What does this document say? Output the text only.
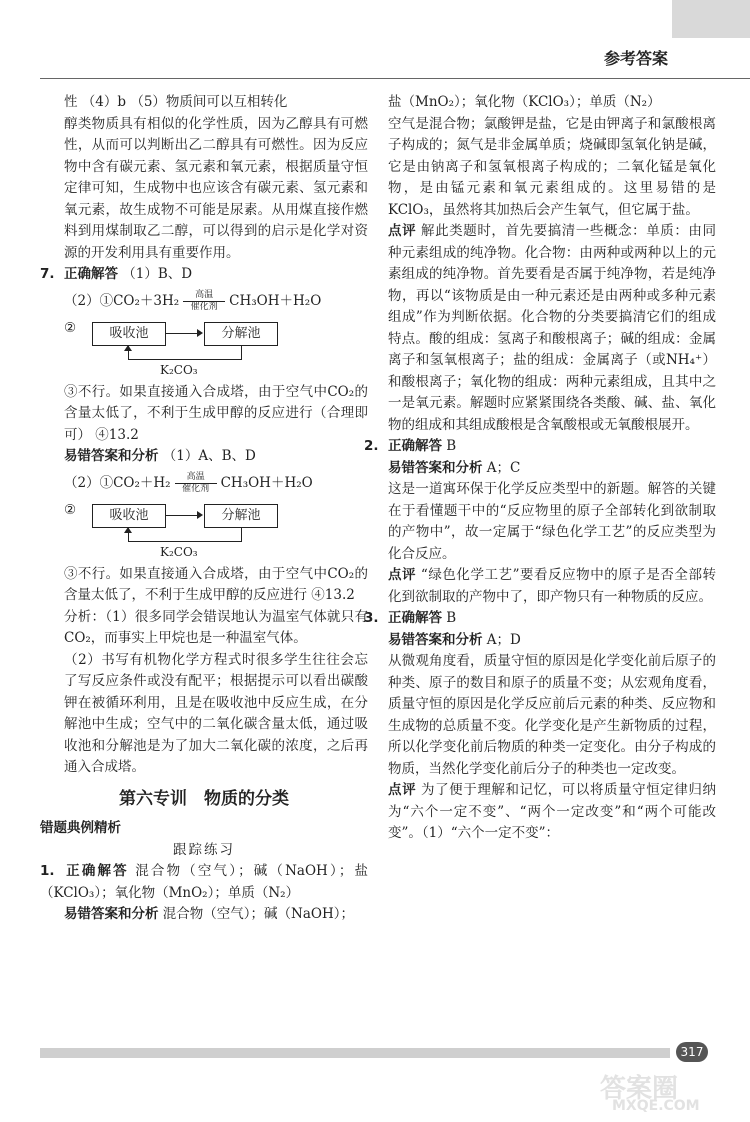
参考答案

性 （4）b （5）物质间可以互相转化

醇类物质具有相似的化学性质，因为乙醇具有可燃性，从而可以判断出乙二醇具有可燃性。因为反应物中含有碳元素、氢元素和氧元素，根据质量守恒定律可知，生成物中也应该含有碳元素、氢元素和氧元素，故生成物不可能是尿素。从用煤直接作燃料到用煤制取乙二醇，可以得到的启示是化学对资源的开发利用具有重要作用。

7. 正确解答 （1）B、D

（2）①CO₂＋3H₂ 高温
催化剂 CH₃OH＋H₂O
②	吸收池	分解池
K₂CO₃

③不行。如果直接通入合成塔，由于空气中CO₂的含量太低了，不利于生成甲醇的反应进行（合理即可） ④13.2

易错答案和分析 （1）A、B、D

（2）①CO₂＋H₂ 高温
催化剂 CH₃OH＋H₂O
②	吸收池	分解池
K₂CO₃

③不行。如果直接通入合成塔，由于空气中CO₂的含量太低了，不利于生成甲醇的反应进行 ④13.2

分析：（1）很多同学会错误地认为温室气体就只有CO₂，而事实上甲烷也是一种温室气体。

（2）书写有机物化学方程式时很多学生往往会忘了写反应条件或没有配平；根据提示可以看出碳酸钾在被循环利用，且是在吸收池中反应生成，在分解池中生成；空气中的二氧化碳含量太低，通过吸收池和分解池是为了加大二氧化碳的浓度，之后再通入合成塔。

第六专训　物质的分类

错题典例精析

跟踪练习

1. 正确解答 混合物（空气）；碱（NaOH）；盐（KClO₃）；氧化物（MnO₂）；单质（N₂）

易错答案和分析 混合物（空气）；碱（NaOH）；

盐（MnO₂）；氧化物（KClO₃）；单质（N₂）

空气是混合物；氯酸钾是盐，它是由钾离子和氯酸根离子构成的；氮气是非金属单质；烧碱即氢氧化钠是碱，它是由钠离子和氢氧根离子构成的；二氧化锰是氧化物，是由锰元素和氧元素组成的。这里易错的是KClO₃，虽然将其加热后会产生氧气，但它属于盐。

点评 解此类题时，首先要搞清一些概念：单质：由同种元素组成的纯净物。化合物：由两种或两种以上的元素组成的纯净物。首先要看是否属于纯净物，若是纯净物，再以“该物质是由一种元素还是由两种或多种元素组成”作为判断依据。化合物的分类要搞清它们的组成特点。酸的组成：氢离子和酸根离子；碱的组成：金属离子和氢氧根离子；盐的组成：金属离子（或NH₄⁺）和酸根离子；氧化物的组成：两种元素组成，且其中之一是氧元素。解题时应紧紧围绕各类酸、碱、盐、氧化物的组成和其组成酸根是含氧酸根或无氧酸根展开。

2. 正确解答 B

易错答案和分析 A；C

这是一道寓环保于化学反应类型中的新题。解答的关键在于看懂题干中的“反应物里的原子全部转化到欲制取的产物中”，故一定属于“绿色化学工艺”的反应类型为化合反应。

点评 “绿色化学工艺”要看反应物中的原子是否全部转化到欲制取的产物中了，即产物只有一种物质的反应。

3. 正确解答 B

易错答案和分析 A；D

从微观角度看，质量守恒的原因是化学变化前后原子的种类、原子的数目和原子的质量不变；从宏观角度看，质量守恒的原因是化学反应前后元素的种类、反应物和生成物的总质量不变。化学变化是产生新物质的过程，所以化学变化前后物质的种类一定变化。由分子构成的物质，当然化学变化前后分子的种类也一定改变。

点评 为了便于理解和记忆，可以将质量守恒定律归纳为“六个一定不变”、“两个一定改变”和“两个可能改变”。（1）“六个一定不变”：

317
答案圈
MXQE.COM
